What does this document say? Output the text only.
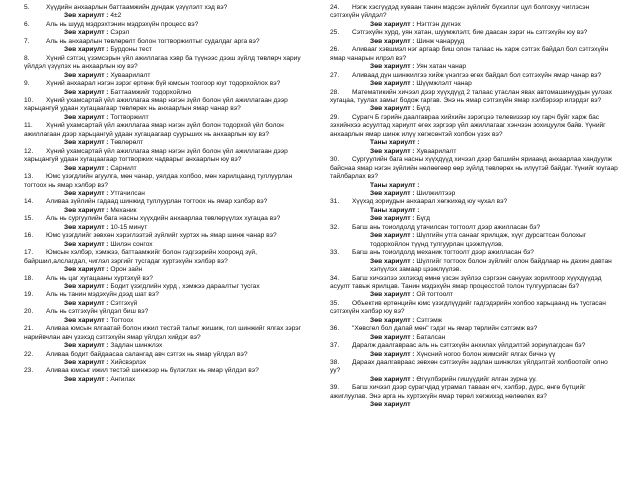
5.	Хүүдийн анхаарлын баттаамжийн дундаж үзүүлэлт хэд вэ?
Зөв хариулт : 4±2
6.	Аль нь шууд мэдрэхтэнин мэдрэхүйн процесс вэ?
Зөв хариулт : Сэрэл
7.	Аль нь анхаарлын төвлөрөлт болон тогтворжилтыг судалдаг арга вэ?
Зөв хариулт : Бурдоны тест
8.	Хүний сэтгэц үзэмсэрын үйл ажиллагаа хэвр ба түүнээс дээш зүйлд төвлөрч хариу үйлдэл үзүүлэх нь анхаарлын юу вэ?
Зөв хариулт : Хуваарилалт
9.	Хүний анхаарал нэгэн зэрэг ертөнк бүй юмсын тоогоор юуг тодорхойлох вэ?
Зөв хариулт : Баттаамжийг тодорхойлно
10. Хүний ухамсартай үйл ажиллагаа ямар нэгэн зүйл болон үйл ажиллагаан дээр харьцангуй удаан хугацаагаар төвлөрөх нь анхаарлын ямар чанар вэ?
Зөв хариулт : Тогтворжилт
11. Хүний ухамсартай үйл ажиллагаа ямар нэгэн зүйл болон тодорхой үйл болон ажиллагаан дээр харьцангуй удаан хугацаагаар суурьших нь анхаарлын юу вэ?
Зөв хариулт : Төвлөрөлт
12. Хүний ухамсартай үйл ажиллагаа ямар нэгэн зүйл болон үйл ажиллагаан дээр харьцангуй удаан хугацаагаар тогтворжих чадварыг анхаарлын юу вэ?
Зөв хариулт : Сарнилт
13. Юмс үзэгдлийн агуулга, мөн чанар, уялдаа холбоо, мөн харилцаанд туллуурлан тогтоох нь ямар хэлбэр вэ?
Зөв хариулт : Утгачилсан
14. Аливаа зүйлийн гадаад шинжид туллуурлан тогтоох нь ямар хэлбэр вэ?
Зөв хариулт : Механик
15. Аль нь сургуулийн бага насны хүүхдийн анхаарлаа төвлөрүүлэх хугацаа вэ?
Зөв хариулт : 10-15 минут
16. Юмс үзэгдлийг зөвхөн хэрэглээтэй зүйлийг хуртэх нь ямар шинж чанар вэ?
Зөв хариулт : Шилэн сонгох
17. Юмсын хэлбэр, хэмжээ, баттаамжийг болон гэдгээрийн хооронд зүй, байршил,алслагдал, чиглэл зэргийг тусгадаг хуртэхүйн хэлбэр вэ?
Зөв хариулт : Орон зайн
18. Аль нь цаг хугацааны хуртэхүй вэ?
Зөв хариулт : Бодит үзэгдлийн хурд , хэмжээ дараалтыг тусгах
19. Аль нь танин мэдэхүйн дээд шат вэ?
Зөв хариулт : Сэтгэхүй
20. Аль нь сэтгэхүйн үйлдэл биш вэ?
Зөв хариулт : Тогтоох
21. Аливаа юмсын ялгаатай болон ижил тестэй талыг жишиж, гол шинжийг ялгах зэрэг нарийвчлан авч үзэхэд сэтгэхүйн ямар үйлдэл хийдэг вэ?
Зөв хариулт : Задлан шинжлэх
22. Аливаа бодит байдаасаа салангад авч сэтгэх нь ямар үйлдэл вэ?
Зөв хариулт : Хийсвэрлэх
23. Аливаа юмсыг ижил тестэй шинжээр нь бүлэглэх нь ямар үйлдэл вэ?
Зөв хариулт : Ангилах
24. Нэгж хэсгүүдэд хуваан танин мэдсэн зүйлийг бүхэллэг цул болгохуу чиглэсэн сэтгэхүйн үйлдэл?
Зөв хариулт : Нэгтгэн дүгнэх
25. Сэтгэхүйн хурд, уян хатан, шуумжлэлт, бие даасан зэрэг нь сэтгэхүйн юу вэ?
Зөв хариулт : Шинж чанарууд
26. Аливааг хэвшмэл нэг аргаар биш олон талаас нь харж сэтгэх байдал бол сэтгэхүйн ямар чанарын илрэл вэ?
Зөв хариулт : Уян хатан чанар
27. Аливаад дүн шинжилгээ хийж үнэлгээ өгөх байдал бол сэтгэхүйн ямар чанар вэ?
Зөв хариулт : Шүүмжлэлт чанар
28. Математикийн хичээл дээр хүүхдүүд 2 талаас утаслан явах автомашинуудын уулзах хугацаа, туулах замыг бодож гаргав. Энэ нь ямар сэтгэхүйн ямар хэлбэрээр илэрдэг вэ?
Зөв хариулт : Бүгд
29. Сурагч Б гэрийн даалгавраа хийхийн зэрэгцээ телевизээр юу гарч буйг харж бас зэхийнхээ асуултад хариулт өгөх зэргээр үйл ажиллагааг хэнчээн зохицуулж байв. Үүнийг анхаарлын ямар шинж илүү хөгжсөнтэй холбон үзэх вэ?
Таны хариулт :
Зөв хариулт : Хуваарилалт
30. Сургуулийн бага насны хүүхдүүд хичээл дээр багшийн яриаанд анхаарлаа хандуулж байснаа ямар нэгэн зүйлийн нөлөөгөөр өөр зүйлд төвлөрөх нь илүүтэй байдаг. Үүнийг юугаар тайлбарлах вэ?
Таны хариулт :
Зөв хариулт : Шилжилтээр
31. Хүүхэд зориудын анхаарал хөгжихөд юу чухал вэ?
Таны хариулт :
Зөв хариулт : Бүгд
32. Багш ань тоиолдолд утачилсан тогтоолт дээр ажилласан бэ?
Зөв хариулт : Шүлгийн утга санааг ярилцаж, хүүг дурсагтсан болохыг тодорхойлон түүнд тулгуурлан цээжлүүлэв.
33. Багш ань тоиолдолд механик тогтоолт дээр ажилласан бэ?
Зөв хариулт : Шүлгийг тогтоох болон зүйлийг олон байдлаар нь дахин давтан хэлүүлэх замаар цээжлүүлэв.
34. Багш хичээлээ эхлэхэд өмнө үзсэн зүйлээ сэргээн санууах зорилгоор хүүхдүүдэд асуулт тавьж ярилцав. Танин мэдэхүйн ямар процесстой толон түлгуурласан бэ?
Зөв хариулт : Ой тогтоолт
35. Объектив ертөнцийн юмс үзэгдлүүдийг гадгэдэрийн холбоо харьцаанд нь тусгасан сэтгэхүйн хэлбэр юу вэ?
Зөв хариулт : Сэтгэмж
36. "Хөвсгөл бол далай мөн" гэдэг нь ямар төрлийн сэтгэмж вэ?
Зөв хариулт : Баталсан
37. Даралж даалгавраас аль нь сэтгэхүйн анхилах үйлдэлтэй зориулагдсан бэ?
Зөв хариулт : Хүнсний ногоо болон жимсийг ялгах бичнэ үү
38. Дараах даалгавраас зөвхөн сэтгэхүйн задлан шинжлэх үйлдэлтэй холбоотойг олно уу?
Зөв хариулт : Өгүүлбэрийн гишүүдийг ялган зурна уу.
39. Багш хичээл дээр сурагчдад уграмал таваан өгч, хэлбэр, дүрс, өнгө бүтцийг ажиглуулав. Энэ арга нь хуртэхүйн ямар төрөл хөгжихэд нөлөөлөх вэ?
Зөв хариулт
